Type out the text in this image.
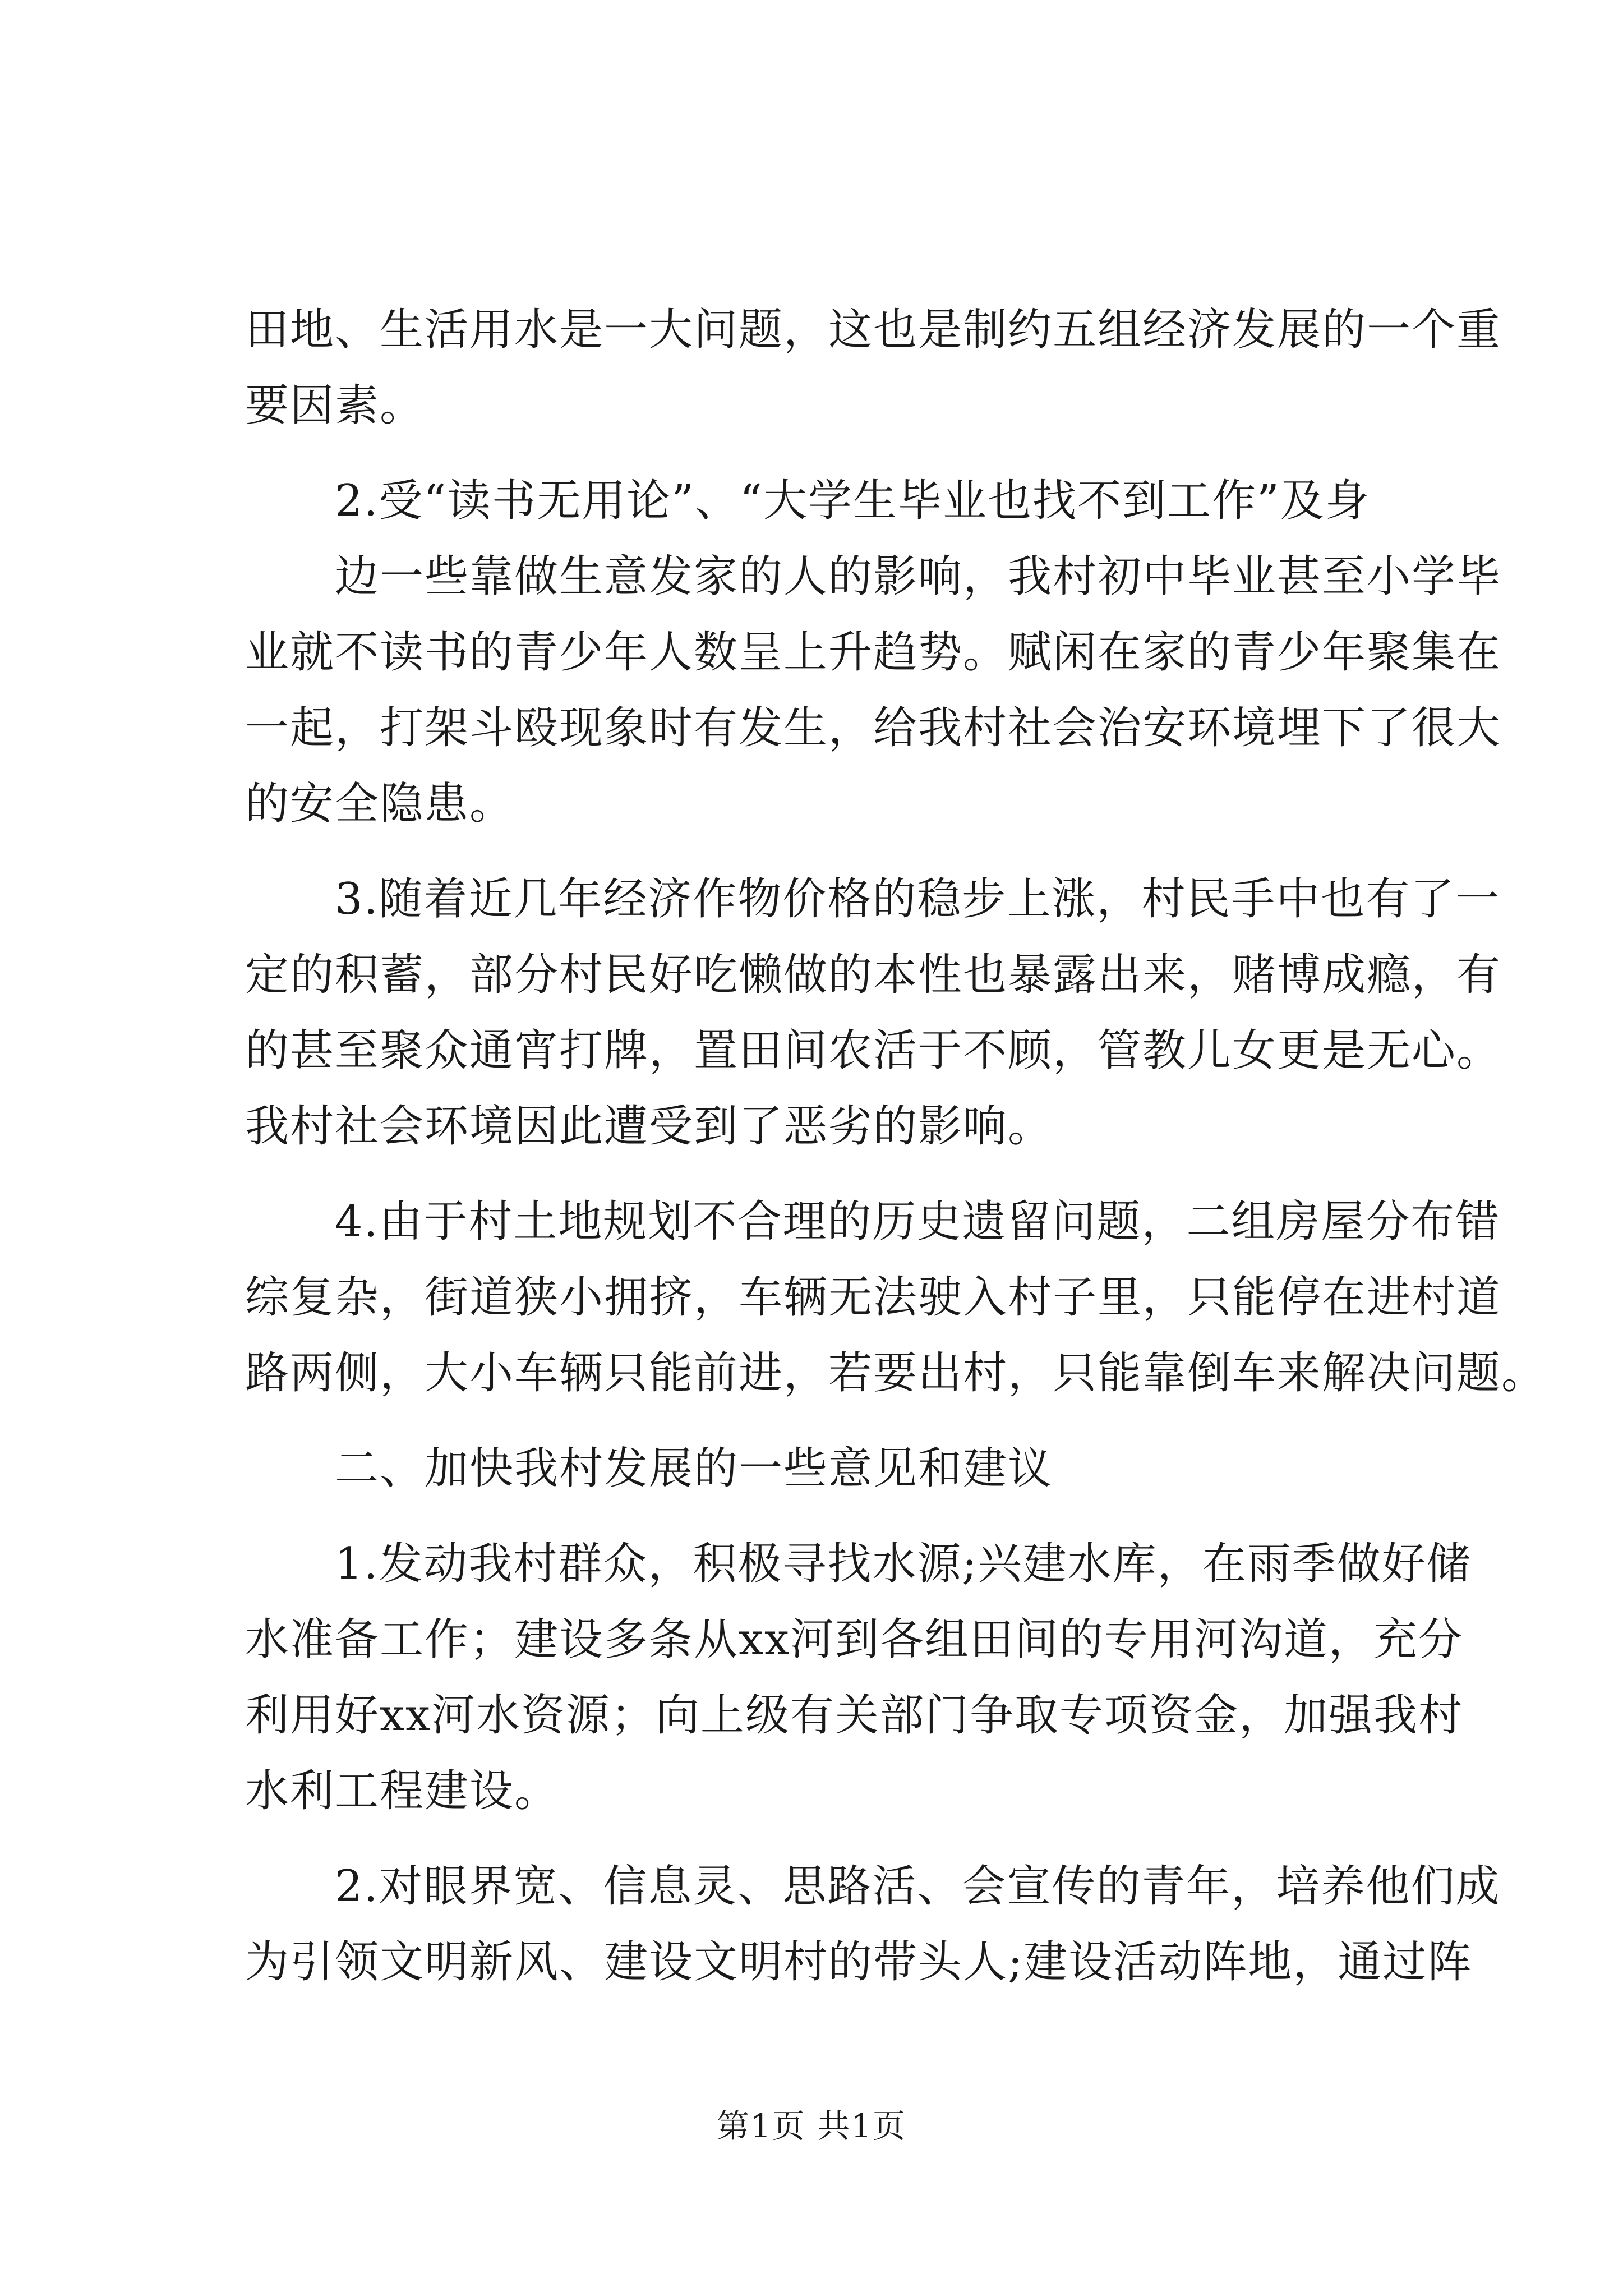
田地、生活用水是一大问题，这也是制约五组经济发展的一个重
要因素。
2.受“读书无用论”、“大学生毕业也找不到工作”及身
边一些靠做生意发家的人的影响，我村初中毕业甚至小学毕
业就不读书的青少年人数呈上升趋势。赋闲在家的青少年聚集在
一起，打架斗殴现象时有发生，给我村社会治安环境埋下了很大
的安全隐患。
3.随着近几年经济作物价格的稳步上涨，村民手中也有了一
定的积蓄，部分村民好吃懒做的本性也暴露出来，赌博成瘾，有
的甚至聚众通宵打牌，置田间农活于不顾，管教儿女更是无心。
我村社会环境因此遭受到了恶劣的影响。
4.由于村土地规划不合理的历史遗留问题，二组房屋分布错
综复杂，街道狭小拥挤，车辆无法驶入村子里，只能停在进村道
路两侧，大小车辆只能前进，若要出村，只能靠倒车来解决问题。
二、加快我村发展的一些意见和建议
1.发动我村群众，积极寻找水源;兴建水库，在雨季做好储
水准备工作；建设多条从xx河到各组田间的专用河沟道，充分
利用好xx河水资源；向上级有关部门争取专项资金，加强我村
水利工程建设。
2.对眼界宽、信息灵、思路活、会宣传的青年，培养他们成
为引领文明新风、建设文明村的带头人;建设活动阵地，通过阵
第1页 共1页
